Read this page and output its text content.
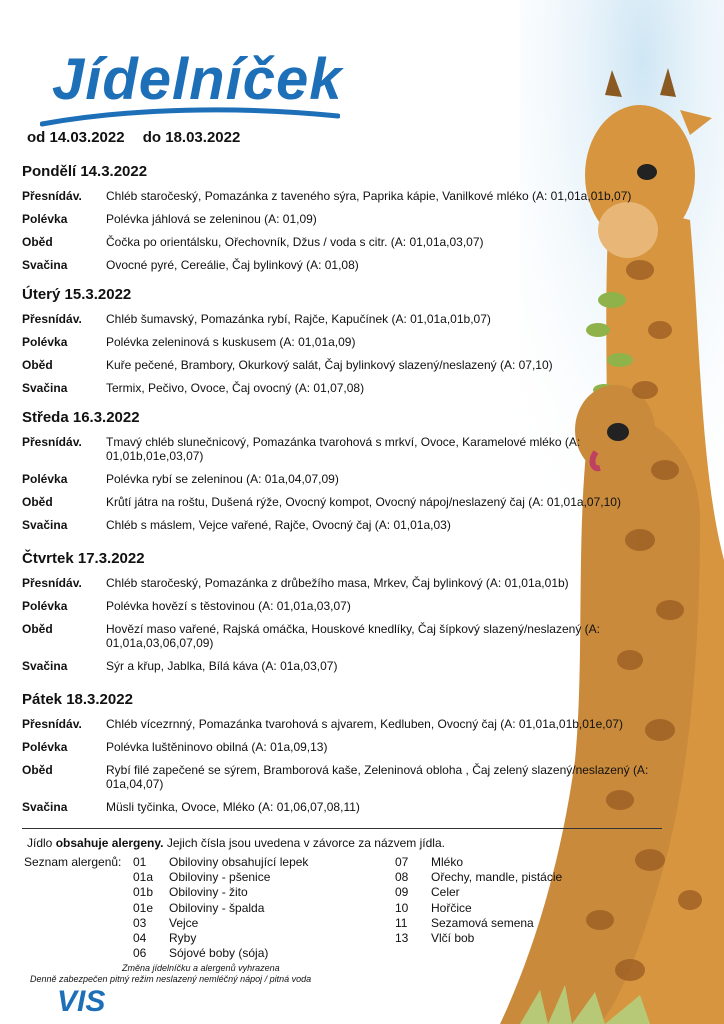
Jídelníček
od 14.03.2022 do 18.03.2022
Pondělí 14.3.2022
Přesnídáv. Chléb staročeský, Pomazánka z taveného sýra, Paprika kápie, Vanilkové mléko (A: 01,01a,01b,07)
Polévka	Polévka jáhlová se zeleninou (A: 01,09)
Oběd	Čočka po orientálsku, Ořechovník, Džus / voda s citr. (A: 01,01a,03,07)
Svačina	Ovocné pyré, Cereálie, Čaj bylinkový (A: 01,08)
Úterý 15.3.2022
Přesnídáv. Chléb šumavský, Pomazánka rybí, Rajče, Kapučínek (A: 01,01a,01b,07)
Polévka	Polévka zeleninová s kuskusem (A: 01,01a,09)
Oběd	Kuře pečené, Brambory, Okurkový salát, Čaj bylinkový slazený/neslazený (A: 07,10)
Svačina	Termix, Pečivo, Ovoce, Čaj ovocný (A: 01,07,08)
Středa 16.3.2022
Přesnídáv. Tmavý chléb slunečnicový, Pomazánka tvarohová s mrkví, Ovoce, Karamelové mléko (A: 01,01b,01e,03,07)
Polévka	Polévka rybí se zeleninou (A: 01a,04,07,09)
Oběd	Krůtí játra na roštu, Dušená rýže, Ovocný kompot, Ovocný nápoj/neslazený čaj (A: 01,01a,07,10)
Svačina	Chléb s máslem, Vejce vařené, Rajče, Ovocný čaj (A: 01,01a,03)
Čtvrtek 17.3.2022
Přesnídáv. Chléb staročeský, Pomazánka z drůbežího masa, Mrkev, Čaj bylinkový (A: 01,01a,01b)
Polévka	Polévka hovězí s těstovinou (A: 01,01a,03,07)
Oběd	Hovězí maso vařené, Rajská omáčka, Houskové knedlíky, Čaj šípkový slazený/neslazený (A: 01,01a,03,06,07,09)
Svačina	Sýr a křup, Jablka, Bílá káva (A: 01a,03,07)
Pátek 18.3.2022
Přesnídáv. Chléb vícezrnný, Pomazánka tvarohová s ajvarem, Kedluben, Ovocný čaj (A: 01,01a,01b,01e,07)
Polévka	Polévka luštěninovo obilná (A: 01a,09,13)
Oběd	Rybí filé zapečené se sýrem, Bramborová kaše, Zeleninová obloha , Čaj zelený slazený/neslazený (A: 01a,04,07)
Svačina	Müsli tyčinka, Ovoce, Mléko (A: 01,06,07,08,11)
Jídlo obsahuje alergeny. Jejich čísla jsou uvedena v závorce za názvem jídla.
Seznam alergenů: 01	Obiloviny obsahující lepek
01a	Obiloviny - pšenice
01b	Obiloviny - žito
01e	Obiloviny - špalda
03	Vejce
04	Ryby
06	Sójové boby (sója)
07	Mléko
08	Ořechy, mandle, pistácie
09	Celer
10	Hořčice
11	Sezamová semena
13	Vlčí bob
Změna jídelníčku a alergenů vyhrazena
Denně zabezpečen pitný režim neslazený nemléčný nápoj / pitná voda
VIS
